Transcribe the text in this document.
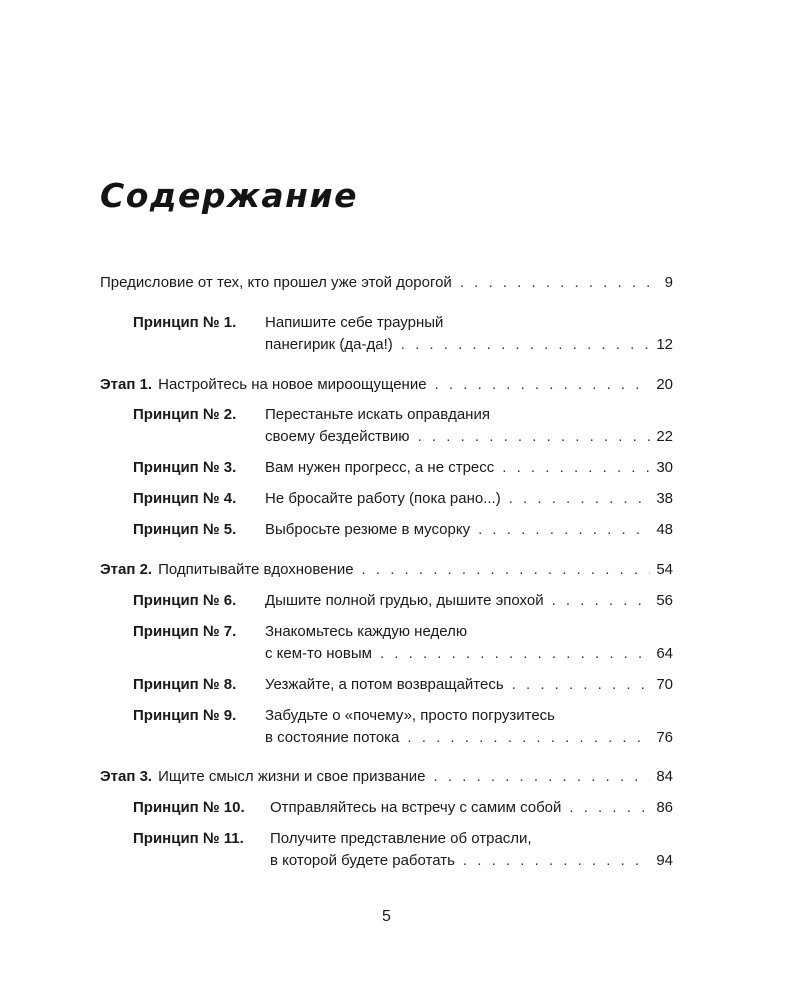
Содержание
Предисловие от тех, кто прошел уже этой дорогой . . .	9
Принцип № 1. Напишите себе траурный
панегирик (да-да!) . . .	12
Этап 1. Настройтесь на новое мироощущение . . .	20
Принцип № 2. Перестаньте искать оправдания
своему бездействию . . .	22
Принцип № 3. Вам нужен прогресс, а не стресс . . .	30
Принцип № 4. Не бросайте работу (пока рано...) . . .	38
Принцип № 5. Выбросьте резюме в мусорку . . .	48
Этап 2. Подпитывайте вдохновение . . .	54
Принцип № 6. Дышите полной грудью, дышите эпохой . . .	56
Принцип № 7. Знакомьтесь каждую неделю
с кем-то новым . . .	64
Принцип № 8. Уезжайте, а потом возвращайтесь . . .	70
Принцип № 9. Забудьте о «почему», просто погрузитесь
в состояние потока . . .	76
Этап 3. Ищите смысл жизни и свое призвание . . .	84
Принцип № 10. Отправляйтесь на встречу с самим собой . . .	86
Принцип № 11. Получите представление об отрасли,
в которой будете работать . . .	94
5
